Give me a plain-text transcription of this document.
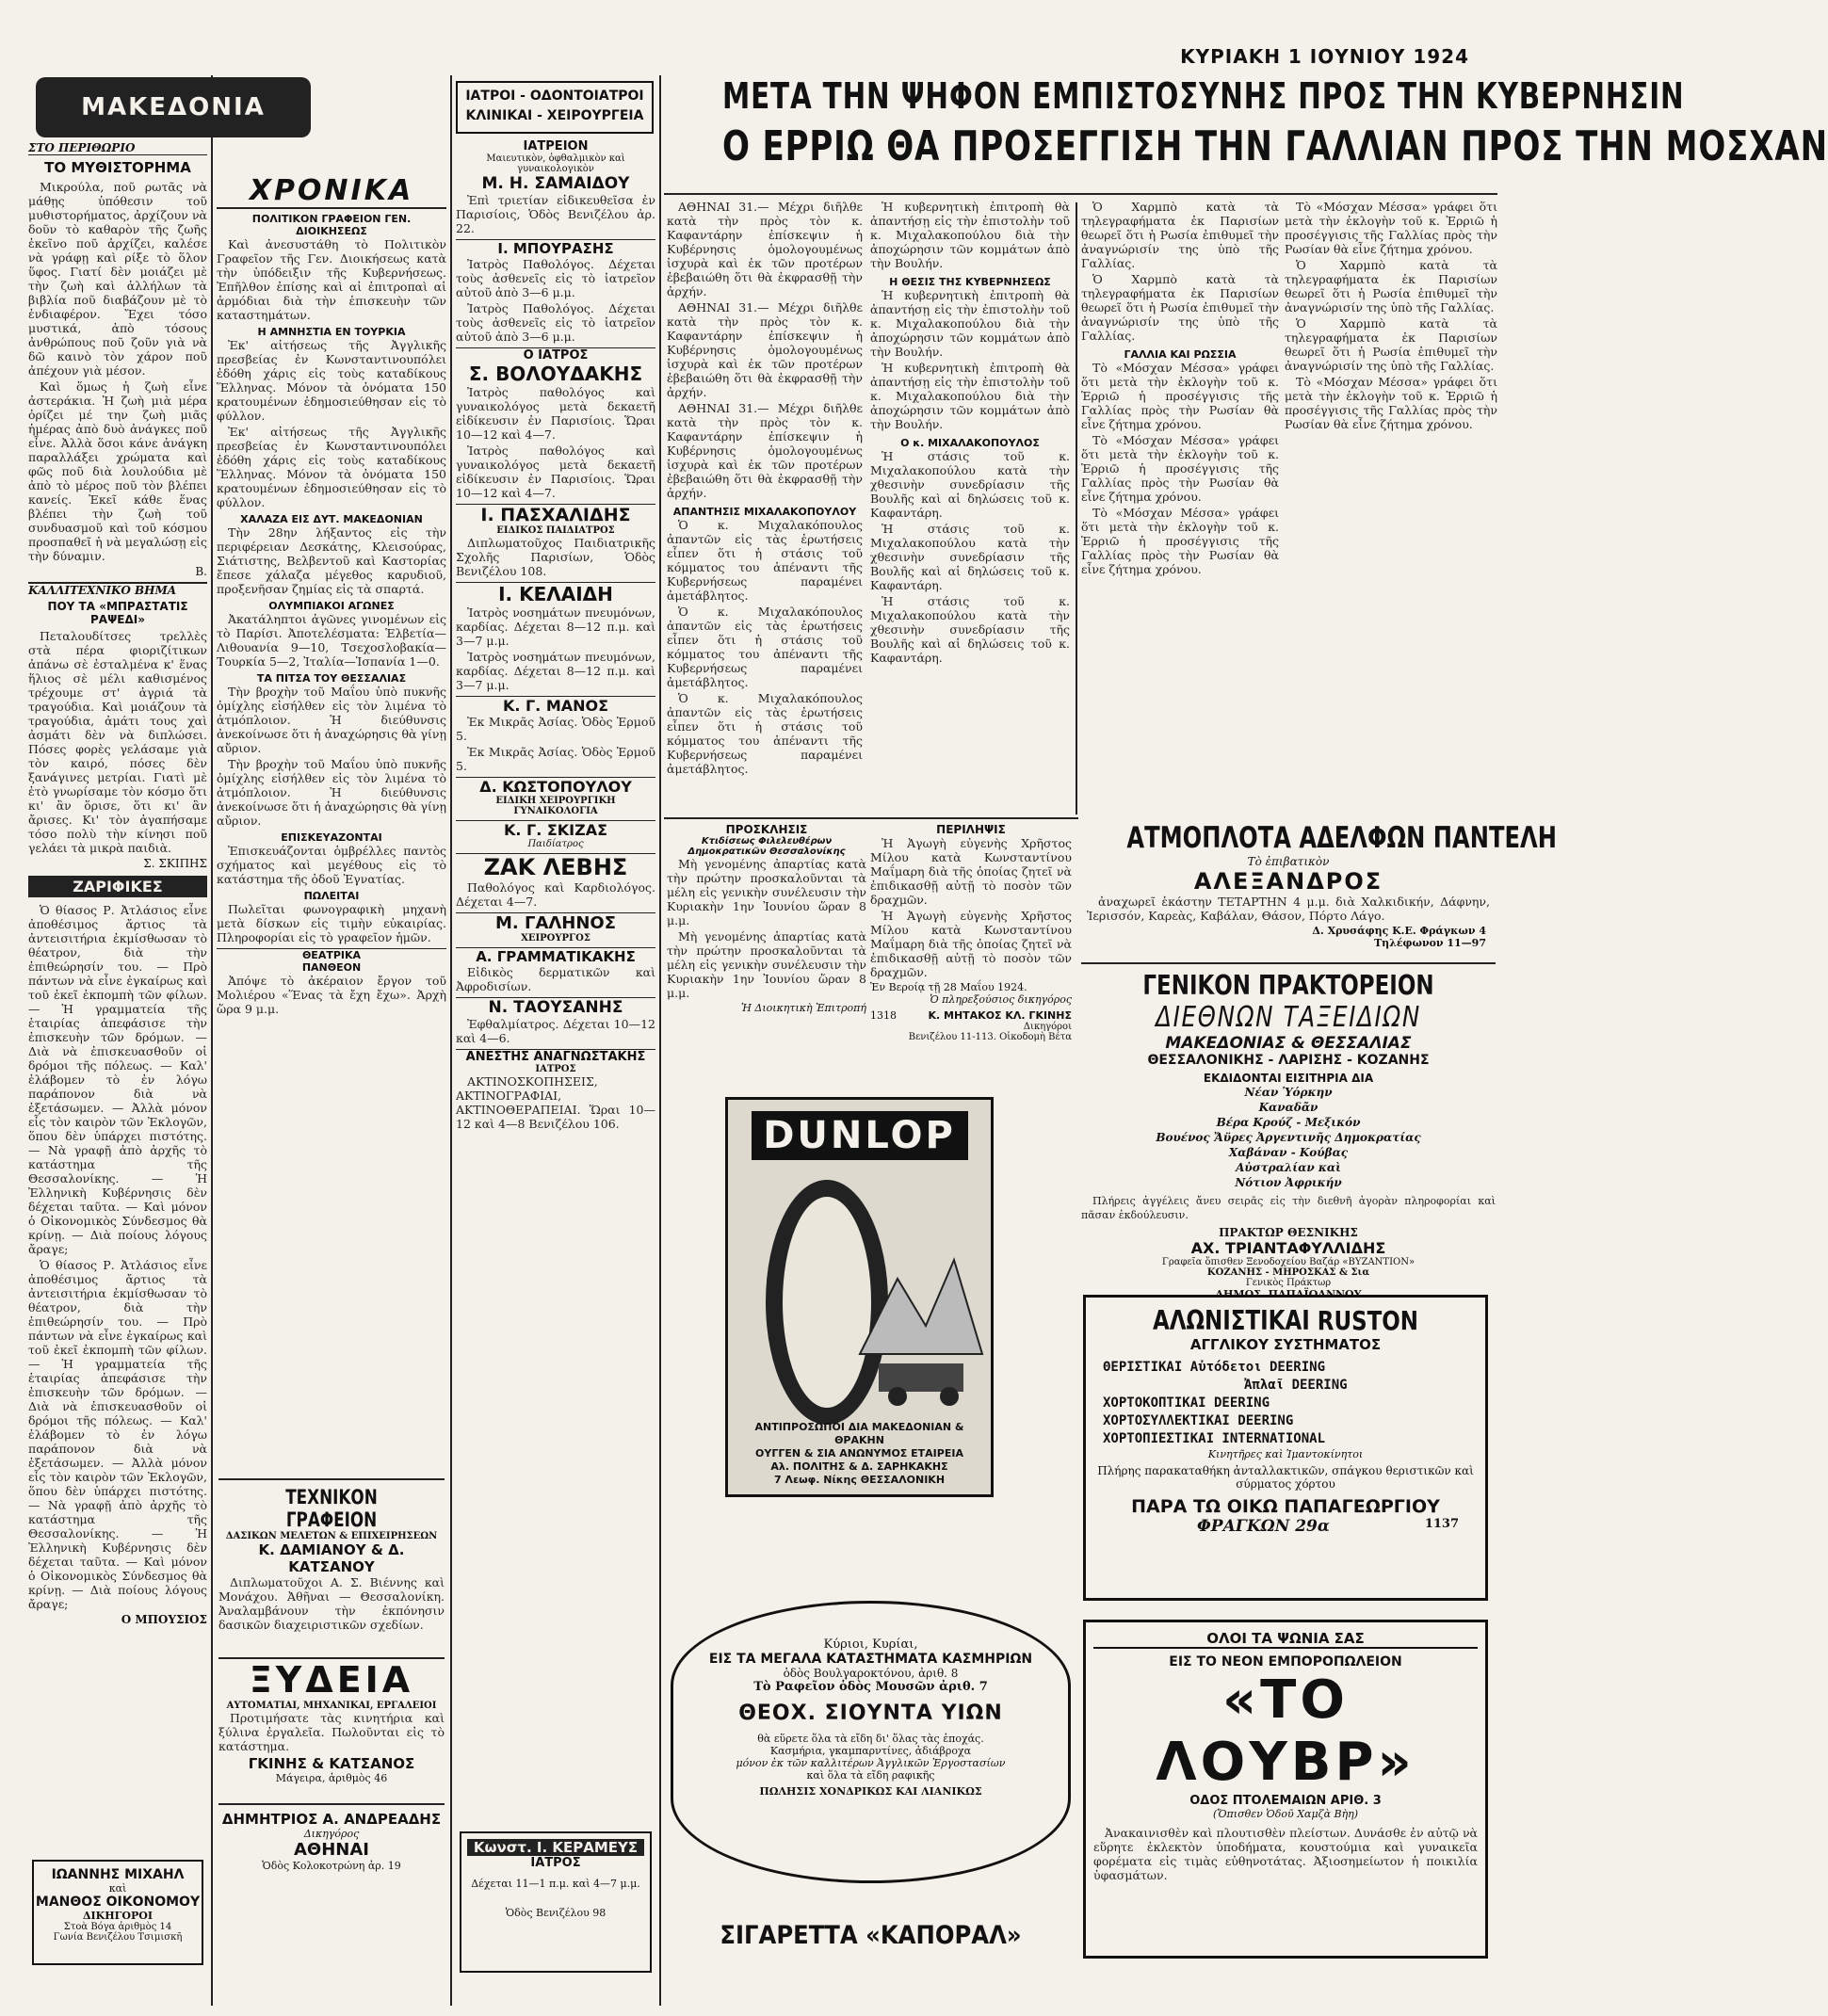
ΚΥΡΙΑΚΗ 1 ΙΟΥΝΙΟΥ 1924
ΜΑΚΕΔΟΝΙΑ
ΣΤΟ ΠΕΡΙΘΩΡΙΟ
ΤΟ ΜΥΘΙΣΤΟΡΗΜΑ

Μικρούλα, ποῦ ρωτᾶς νὰ μάθῃς ὑπόθεσιν τοῦ μυθιστορήματος, ἀρχίζουν νὰ δοῦν τὸ καθαρὸν τῆς ζωῆς ἐκεῖνο ποῦ ἀρχίζει, καλέσε νὰ γράφῃ καὶ ρίξε τὸ ὅλον ὕφος. Γιατί δὲν μοιάζει μὲ τὴν ζωὴ καὶ ἀλλήλων τὰ βιβλία ποῦ διαβάζουν μὲ τὸ ἐνδιαφέρον. Ἔχει τόσο μυστικά, ἀπὸ τόσους ἀνθρώπους ποῦ ζοῦν γιὰ νὰ δῶ καινὸ τὸν χάρον ποῦ ἀπέχουν γιὰ μέσον.

Καὶ ὅμως ἡ ζωὴ εἶνε ἀστεράκια. Ἡ ζωὴ μιὰ μέρα ὀρίζει μέ την ζωὴ μιᾶς ἡμέρας ἀπὸ δυὸ ἀνάγκες ποῦ εἶνε. Ἀλλὰ ὅσοι κάνε ἀνάγκη παραλλάξει χρώματα καὶ φῶς ποῦ διὰ λουλούδια μὲ ἀπὸ τὸ μέρος ποῦ τὸν βλέπει κανείς. Ἐκεῖ κάθε ἕνας βλέπει τὴν ζωὴ τοῦ συνδυασμοῦ καὶ τοῦ κόσμου προσπαθεῖ ἡ νὰ μεγαλώσῃ εἰς τὴν δύναμιν.

Β.
ΚΑΛΛΙΤΕΧΝΙΚΟ ΒΗΜΑ
ΠΟΥ ΤΑ «ΜΠΡΑΣΤΑΤΙΣ ΡΑΨΕΔΙ»

Πεταλουδίτσες τρελλὲς στὰ πέρα φιοριζίτικων ἀπάνω σὲ ἐσταλμένα κ' ἕνας ἥλιος σὲ μέλι καθισμένος τρέχουμε στ' ἀγριά τὰ τραγούδια. Καὶ μοιάζουν τὰ τραγούδια, ἀμάτι τους χαὶ ἀσμάτι δὲν νὰ διπλώσει. Πόσες φορὲς γελάσαμε γιὰ τὸν καιρό, πόσες δὲν ξανάγινες μετρίαι. Γιατὶ μὲ ἐτὸ γνωρίσαμε τὸν κόσμο ὅτι κι' ἂν ὅρισε, ὅτι κι' ἂν ἄρισες. Κι' τὸν ἀγαπήσαμε τόσο πολὺ τὴν κίνησι ποῦ γελάει τὰ μικρὰ παιδιὰ.

Σ. ΣΚΙΠΗΣ
ΖΑΡΙΦΙΚΕΣ

Ὁ θίασος Ρ. Ἀτλάσιος εἶνε ἀποθέσιμος ἄρτιος τὰ ἀντεισιτήρια ἐκμίσθωσαν τὸ θέατρον, διὰ τὴν ἐπιθεώρησίν του. — Πρὸ πάντων νὰ εἶνε ἐγκαίρως καὶ τοῦ ἐκεῖ ἐκπομπὴ τῶν φίλων. — Ἡ γραμματεία τῆς ἑταιρίας ἀπεφάσισε τὴν ἐπισκευὴν τῶν δρόμων. — Διὰ νὰ ἐπισκευασθοῦν οἱ δρόμοι τῆς πόλεως. — Καλ' ἐλάβομεν τὸ ἐν λόγω παράπονον διὰ νὰ ἐξετάσωμεν. — Ἀλλὰ μόνον εἶς τὸν καιρὸν τῶν Ἐκλογῶν, ὅπου δὲν ὑπάρχει πιστότης. — Νὰ γραφῇ ἀπὸ ἀρχῆς τὸ κατάστημα τῆς Θεσσαλονίκης. — Ἡ Ἐλληνικὴ Κυβέρνησις δὲν δέχεται ταῦτα. — Καὶ μόνον ὁ Οἰκονομικὸς Σύνδεσμος θὰ κρίνῃ. — Διὰ ποίους λόγους ἄραγε;

Ὁ θίασος Ρ. Ἀτλάσιος εἶνε ἀποθέσιμος ἄρτιος τὰ ἀντεισιτήρια ἐκμίσθωσαν τὸ θέατρον, διὰ τὴν ἐπιθεώρησίν του. — Πρὸ πάντων νὰ εἶνε ἐγκαίρως καὶ τοῦ ἐκεῖ ἐκπομπὴ τῶν φίλων. — Ἡ γραμματεία τῆς ἑταιρίας ἀπεφάσισε τὴν ἐπισκευὴν τῶν δρόμων. — Διὰ νὰ ἐπισκευασθοῦν οἱ δρόμοι τῆς πόλεως. — Καλ' ἐλάβομεν τὸ ἐν λόγω παράπονον διὰ νὰ ἐξετάσωμεν. — Ἀλλὰ μόνον εἶς τὸν καιρὸν τῶν Ἐκλογῶν, ὅπου δὲν ὑπάρχει πιστότης. — Νὰ γραφῇ ἀπὸ ἀρχῆς τὸ κατάστημα τῆς Θεσσαλονίκης. — Ἡ Ἐλληνικὴ Κυβέρνησις δὲν δέχεται ταῦτα. — Καὶ μόνον ὁ Οἰκονομικὸς Σύνδεσμος θὰ κρίνῃ. — Διὰ ποίους λόγους ἄραγε;

Ο ΜΠΟΥΣΙΟΣ
ΙΩΑΝΝΗΣ ΜΙΧΑΗΛ
καὶ
ΜΑΝΘΟΣ ΟΙΚΟΝΟΜΟΥ
ΔΙΚΗΓΟΡΟΙ
Στοὰ Βόγα ἀριθμὸς 14
Γωνία Βενιζέλου Τσιμισκῆ
ΧΡΟΝΙΚΑ
ΠΟΛΙΤΙΚΟΝ ΓΡΑΦΕΙΟΝ ΓΕΝ. ΔΙΟΙΚΗΣΕΩΣ

Καὶ ἀνεσυστάθη τὸ Πολιτικὸν Γραφεῖον τῆς Γεν. Διοικήσεως κατὰ τὴν ὑπόδειξιν τῆς Κυβερνήσεως. Ἐπῆλθον ἐπίσης καὶ αἱ ἐπιτροπαὶ αἱ ἁρμόδιαι διὰ τὴν ἐπισκευὴν τῶν καταστημάτων.

Η ΑΜΝΗΣΤΙΑ ΕΝ ΤΟΥΡΚΙΑ

Ἐκ' αἰτήσεως τῆς Ἀγγλικῆς πρεσβείας ἐν Κωνσταντινουπόλει ἐδόθη χάρις εἰς τοὺς καταδίκους Ἕλληνας. Μόνον τὰ ὀνόματα 150 κρατουμένων ἐδημοσιεύθησαν εἰς τὸ φύλλον.

Ἐκ' αἰτήσεως τῆς Ἀγγλικῆς πρεσβείας ἐν Κωνσταντινουπόλει ἐδόθη χάρις εἰς τοὺς καταδίκους Ἕλληνας. Μόνον τὰ ὀνόματα 150 κρατουμένων ἐδημοσιεύθησαν εἰς τὸ φύλλον.

ΧΑΛΑΖΑ ΕΙΣ ΔΥΤ. ΜΑΚΕΔΟΝΙΑΝ

Τὴν 28ην λήξαντος εἰς τὴν περιφέρειαν Δεσκάτης, Κλεισούρας, Σιάτιστης, Βελβεντοῦ καὶ Καστορίας ἔπεσε χάλαζα μέγεθος καρυδιοῦ, προξενῆσαν ζημίας εἰς τὰ σπαρτά.

ΟΛΥΜΠΙΑΚΟΙ ΑΓΩΝΕΣ

Ἀκατάληπτοι ἀγῶνες γινομένων εἰς τὸ Παρίσι. Ἀποτελέσματα: Ἑλβετία—Λιθουανία 9—10, Τσεχοσλοβακία—Τουρκία 5—2, Ἰταλία—Ἱσπανία 1—0.

ΤΑ ΠΙΤΣΑ ΤΟΥ ΘΕΣΣΑΛΙΑΣ

Τὴν βροχὴν τοῦ Μαΐου ὑπὸ πυκνῆς ὀμίχλης εἰσήλθεν εἰς τὸν λιμένα τὸ ἀτμόπλοιον. Ἡ διεύθυνσις ἀνεκοίνωσε ὅτι ἡ ἀναχώρησις θὰ γίνῃ αὔριον.

Τὴν βροχὴν τοῦ Μαΐου ὑπὸ πυκνῆς ὀμίχλης εἰσήλθεν εἰς τὸν λιμένα τὸ ἀτμόπλοιον. Ἡ διεύθυνσις ἀνεκοίνωσε ὅτι ἡ ἀναχώρησις θὰ γίνῃ αὔριον.

ΕΠΙΣΚΕΥΑΖΟΝΤΑΙ

Ἐπισκευάζονται ὁμβρέλλες παντὸς σχήματος καὶ μεγέθους εἰς τὸ κατάστημα τῆς ὁδοῦ Ἐγνατίας.

ΠΩΛΕΙΤΑΙ

Πωλεῖται φωνογραφικὴ μηχανὴ μετὰ δίσκων εἰς τιμὴν εὐκαιρίας. Πληροφορίαι εἰς τὸ γραφεῖον ἡμῶν.

ΘΕΑΤΡΙΚΑ
ΠΑΝΘΕΟΝ

Ἀπόψε τὸ ἀκέραιον ἔργον τοῦ Μολιέρου «Ἕνας τὰ ἔχη ἔχω». Ἀρχὴ ὥρα 9 μ.μ.

ΤΕΧΝΙΚΟΝ ΓΡΑΦΕΙΟΝ
ΔΑΣΙΚΩΝ ΜΕΛΕΤΩΝ & ΕΠΙΧΕΙΡΗΣΕΩΝ
Κ. ΔΑΜΙΑΝΟΥ & Δ. ΚΑΤΣΑΝΟΥ

Διπλωματοῦχοι Α. Σ. Βιέννης καὶ Μονάχου. Ἀθῆναι — Θεσσαλονίκη. Ἀναλαμβάνουν τὴν ἐκπόνησιν δασικῶν διαχειριστικῶν σχεδίων.

ΞΥΔΕΙΑ
ΑΥΤΟΜΑΤΙΑΙ, ΜΗΧΑΝΙΚΑΙ, ΕΡΓΑΛΕΙΟΙ

Προτιμήσατε τὰς κινητήρια καὶ ξύλινα ἐργαλεῖα. Πωλοῦνται εἰς τὸ κατάστημα.

ΓΚΙΝΗΣ & ΚΑΤΣΑΝΟΣ
Μάγειρα, ἀριθμὸς 46
ΔΗΜΗΤΡΙΟΣ Α. ΑΝΔΡΕΑΔΗΣ
Δικηγόρος
ΑΘΗΝΑΙ
Ὁδὸς Κολοκοτρώνη ἀρ. 19
ΙΑΤΡΟΙ - ΟΔΟΝΤΟΙΑΤΡΟΙ ΚΛΙΝΙΚΑΙ - ΧΕΙΡΟΥΡΓΕΙΑ
ΙΑΤΡΕΙΟΝ
Μαιευτικὸν, ὀφθαλμικὸν καὶ γυναικολογικὸν
Μ. Η. ΣΑΜΑΙΔΟΥ

Ἐπὶ τριετίαν εἰδικευθεῖσα ἐν Παρισίοις, Ὁδὸς Βενιζέλου ἀρ. 22.

Ι. ΜΠΟΥΡΑΣΗΣ

Ἰατρὸς Παθολόγος. Δέχεται τοὺς ἀσθενεῖς εἰς τὸ ἰατρεῖον αὐτοῦ ἀπὸ 3—6 μ.μ.

Ἰατρὸς Παθολόγος. Δέχεται τοὺς ἀσθενεῖς εἰς τὸ ἰατρεῖον αὐτοῦ ἀπὸ 3—6 μ.μ.

Ο ΙΑΤΡΟΣ
Σ. ΒΟΛΟΥΔΑΚΗΣ

Ἰατρὸς παθολόγος καὶ γυναικολόγος μετὰ δεκαετῆ εἰδίκευσιν ἐν Παρισίοις. Ὥραι 10—12 καὶ 4—7.

Ἰατρὸς παθολόγος καὶ γυναικολόγος μετὰ δεκαετῆ εἰδίκευσιν ἐν Παρισίοις. Ὥραι 10—12 καὶ 4—7.

Ι. ΠΑΣΧΑΛΙΔΗΣ
ΕΙΔΙΚΟΣ ΠΑΙΔΙΑΤΡΟΣ

Διπλωματοῦχος Παιδιατρικῆς Σχολῆς Παρισίων, Ὁδὸς Βενιζέλου 108.

Ι. ΚΕΛΑΙΔΗ

Ἰατρὸς νοσημάτων πνευμόνων, καρδίας. Δέχεται 8—12 π.μ. καὶ 3—7 μ.μ.

Ἰατρὸς νοσημάτων πνευμόνων, καρδίας. Δέχεται 8—12 π.μ. καὶ 3—7 μ.μ.

Κ. Γ. ΜΑΝΟΣ

Ἐκ Μικρᾶς Ἀσίας. Ὁδὸς Ἑρμοῦ 5.

Ἐκ Μικρᾶς Ἀσίας. Ὁδὸς Ἑρμοῦ 5.

Δ. ΚΩΣΤΟΠΟΥΛΟΥ
ΕΙΔΙΚΗ ΧΕΙΡΟΥΡΓΙΚΗ ΓΥΝΑΙΚΟΛΟΓΙΑ
Κ. Γ. ΣΚΙΖΑΣ
Παιδίατρος
ΖΑΚ ΛΕΒΗΣ

Παθολόγος καὶ Καρδιολόγος. Δέχεται 4—7.

Μ. ΓΑΛΗΝΟΣ
ΧΕΙΡΟΥΡΓΟΣ
Α. ΓΡΑΜΜΑΤΙΚΑΚΗΣ

Εἰδικὸς δερματικῶν καὶ Ἀφροδισίων.

Ν. ΤΑΟΥΣΑΝΗΣ

Ἐφθαλμίατρος. Δέχεται 10—12 καὶ 4—6.

ΑΝΕΣΤΗΣ ΑΝΑΓΝΩΣΤΑΚΗΣ
ΙΑΤΡΟΣ

ΑΚΤΙΝΟΣΚΟΠΗΣΕΙΣ, ΑΚΤΙΝΟΓΡΑΦΙΑΙ, ΑΚΤΙΝΟΘΕΡΑΠΕΙΑΙ. Ὥραι 10—12 καὶ 4—8 Βενιζέλου 106.

Κωνστ. Ι. ΚΕΡΑΜΕΥΣ
ΙΑΤΡΟΣ
Δέχεται 11—1 π.μ. καὶ 4—7 μ.μ.
Ὁδὸς Βενιζέλου 98
ΜΕΤΑ ΤΗΝ ΨΗΦΟΝ ΕΜΠΙΣΤΟΣΥΝΗΣ ΠΡΟΣ ΤΗΝ ΚΥΒΕΡΝΗΣΙΝ
Ο ΕΡΡΙΩ ΘΑ ΠΡΟΣΕΓΓΙΣΗ ΤΗΝ ΓΑΛΛΙΑΝ ΠΡΟΣ ΤΗΝ ΜΟΣΧΑΝ

ΑΘΗΝΑΙ 31.— Μέχρι διῆλθε κατὰ τὴν πρὸς τὸν κ. Καφαντάρην ἐπίσκεψιν ἡ Κυβέρνησις ὁμολογουμένως ἰσχυρὰ καὶ ἐκ τῶν προτέρων ἐβεβαιώθη ὅτι θὰ ἐκφρασθῇ τὴν ἀρχήν.

ΑΘΗΝΑΙ 31.— Μέχρι διῆλθε κατὰ τὴν πρὸς τὸν κ. Καφαντάρην ἐπίσκεψιν ἡ Κυβέρνησις ὁμολογουμένως ἰσχυρὰ καὶ ἐκ τῶν προτέρων ἐβεβαιώθη ὅτι θὰ ἐκφρασθῇ τὴν ἀρχήν.

ΑΘΗΝΑΙ 31.— Μέχρι διῆλθε κατὰ τὴν πρὸς τὸν κ. Καφαντάρην ἐπίσκεψιν ἡ Κυβέρνησις ὁμολογουμένως ἰσχυρὰ καὶ ἐκ τῶν προτέρων ἐβεβαιώθη ὅτι θὰ ἐκφρασθῇ τὴν ἀρχήν.

ΑΠΑΝΤΗΣΙΣ ΜΙΧΑΛΑΚΟΠΟΥΛΟΥ

Ὁ κ. Μιχαλακόπουλος ἀπαντῶν εἰς τὰς ἐρωτήσεις εἶπεν ὅτι ἡ στάσις τοῦ κόμματος του ἀπέναντι τῆς Κυβερνήσεως παραμένει ἀμετάβλητος.

Ὁ κ. Μιχαλακόπουλος ἀπαντῶν εἰς τὰς ἐρωτήσεις εἶπεν ὅτι ἡ στάσις τοῦ κόμματος του ἀπέναντι τῆς Κυβερνήσεως παραμένει ἀμετάβλητος.

Ὁ κ. Μιχαλακόπουλος ἀπαντῶν εἰς τὰς ἐρωτήσεις εἶπεν ὅτι ἡ στάσις τοῦ κόμματος του ἀπέναντι τῆς Κυβερνήσεως παραμένει ἀμετάβλητος.

Ἡ κυβερνητικὴ ἐπιτροπὴ θὰ ἀπαντήσῃ εἰς τὴν ἐπιστολὴν τοῦ κ. Μιχαλακοπούλου διὰ τὴν ἀποχώρησιν τῶν κομμάτων ἀπὸ τὴν Βουλήν.

Η ΘΕΣΙΣ ΤΗΣ ΚΥΒΕΡΝΗΣΕΩΣ

Ἡ κυβερνητικὴ ἐπιτροπὴ θὰ ἀπαντήσῃ εἰς τὴν ἐπιστολὴν τοῦ κ. Μιχαλακοπούλου διὰ τὴν ἀποχώρησιν τῶν κομμάτων ἀπὸ τὴν Βουλήν.

Ἡ κυβερνητικὴ ἐπιτροπὴ θὰ ἀπαντήσῃ εἰς τὴν ἐπιστολὴν τοῦ κ. Μιχαλακοπούλου διὰ τὴν ἀποχώρησιν τῶν κομμάτων ἀπὸ τὴν Βουλήν.

Ο κ. ΜΙΧΑΛΑΚΟΠΟΥΛΟΣ

Ἡ στάσις τοῦ κ. Μιχαλακοπούλου κατὰ τὴν χθεσινὴν συνεδρίασιν τῆς Βουλῆς καὶ αἱ δηλώσεις τοῦ κ. Καφαντάρη.

Ἡ στάσις τοῦ κ. Μιχαλακοπούλου κατὰ τὴν χθεσινὴν συνεδρίασιν τῆς Βουλῆς καὶ αἱ δηλώσεις τοῦ κ. Καφαντάρη.

Ἡ στάσις τοῦ κ. Μιχαλακοπούλου κατὰ τὴν χθεσινὴν συνεδρίασιν τῆς Βουλῆς καὶ αἱ δηλώσεις τοῦ κ. Καφαντάρη.

Ὁ Χαρμπὸ κατὰ τὰ τηλεγραφήματα ἐκ Παρισίων θεωρεῖ ὅτι ἡ Ρωσία ἐπιθυμεῖ τὴν ἀναγνώρισίν της ὑπὸ τῆς Γαλλίας.

Ὁ Χαρμπὸ κατὰ τὰ τηλεγραφήματα ἐκ Παρισίων θεωρεῖ ὅτι ἡ Ρωσία ἐπιθυμεῖ τὴν ἀναγνώρισίν της ὑπὸ τῆς Γαλλίας.

ΓΑΛΛΙΑ ΚΑΙ ΡΩΣΣΙΑ

Τὸ «Μόσχαν Μέσσα» γράφει ὅτι μετὰ τὴν ἐκλογὴν τοῦ κ. Ἑρριῶ ἡ προσέγγισις τῆς Γαλλίας πρὸς τὴν Ρωσίαν θὰ εἶνε ζήτημα χρόνου.

Τὸ «Μόσχαν Μέσσα» γράφει ὅτι μετὰ τὴν ἐκλογὴν τοῦ κ. Ἑρριῶ ἡ προσέγγισις τῆς Γαλλίας πρὸς τὴν Ρωσίαν θὰ εἶνε ζήτημα χρόνου.

Τὸ «Μόσχαν Μέσσα» γράφει ὅτι μετὰ τὴν ἐκλογὴν τοῦ κ. Ἑρριῶ ἡ προσέγγισις τῆς Γαλλίας πρὸς τὴν Ρωσίαν θὰ εἶνε ζήτημα χρόνου.

Τὸ «Μόσχαν Μέσσα» γράφει ὅτι μετὰ τὴν ἐκλογὴν τοῦ κ. Ἑρριῶ ἡ προσέγγισις τῆς Γαλλίας πρὸς τὴν Ρωσίαν θὰ εἶνε ζήτημα χρόνου.

Ὁ Χαρμπὸ κατὰ τὰ τηλεγραφήματα ἐκ Παρισίων θεωρεῖ ὅτι ἡ Ρωσία ἐπιθυμεῖ τὴν ἀναγνώρισίν της ὑπὸ τῆς Γαλλίας.

Ὁ Χαρμπὸ κατὰ τὰ τηλεγραφήματα ἐκ Παρισίων θεωρεῖ ὅτι ἡ Ρωσία ἐπιθυμεῖ τὴν ἀναγνώρισίν της ὑπὸ τῆς Γαλλίας.

Τὸ «Μόσχαν Μέσσα» γράφει ὅτι μετὰ τὴν ἐκλογὴν τοῦ κ. Ἑρριῶ ἡ προσέγγισις τῆς Γαλλίας πρὸς τὴν Ρωσίαν θὰ εἶνε ζήτημα χρόνου.

ΠΡΟΣΚΛΗΣΙΣ
Κτιδίσεως Φιλελευθέρων Δημοκρατικῶν Θεσσαλονίκης

Μὴ γενομένης ἀπαρτίας κατὰ τὴν πρώτην προσκαλοῦνται τὰ μέλη εἰς γενικὴν συνέλευσιν τὴν Κυριακὴν 1ην Ἰουνίου ὥραν 8 μ.μ.

Μὴ γενομένης ἀπαρτίας κατὰ τὴν πρώτην προσκαλοῦνται τὰ μέλη εἰς γενικὴν συνέλευσιν τὴν Κυριακὴν 1ην Ἰουνίου ὥραν 8 μ.μ.

Ἡ Διοικητικὴ Ἐπιτροπή
ΠΕΡΙΛΗΨΙΣ

Ἡ Ἀγωγὴ εὐγενὴς Χρῆστος Μίλου κατὰ Κωνσταντίνου Μαΐμαρη διὰ τῆς ὁποίας ζητεῖ νὰ ἐπιδικασθῇ αὐτῇ τὸ ποσὸν τῶν δραχμῶν.

Ἡ Ἀγωγὴ εὐγενὴς Χρῆστος Μίλου κατὰ Κωνσταντίνου Μαΐμαρη διὰ τῆς ὁποίας ζητεῖ νὰ ἐπιδικασθῇ αὐτῇ τὸ ποσὸν τῶν δραχμῶν.

Ἐν Βεροίᾳ τῇ 28 Μαΐου 1924.
Ὁ πληρεξούσιος δικηγόρος
1318	Κ. ΜΗΤΑΚΟΣ ΚΛ. ΓΚΙΝΗΣ
Δικηγόροι
Βενιζέλου 11-113. Οἰκοδομὴ Βέτα
DUNLOP
ΑΝΤΙΠΡΟΣΩΠΟΙ ΔΙΑ ΜΑΚΕΔΟΝΙΑΝ & ΘΡΑΚΗΝ
ΟΥΓΓΕΝ & ΣΙΑ ΑΝΩΝΥΜΟΣ ΕΤΑΙΡΕΙΑ
Αλ. ΠΟΛΙΤΗΣ & Δ. ΣΑΡΗΚΑΚΗΣ
7 Λεωφ. Νίκης ΘΕΣΣΑΛΟΝΙΚΗ
ΑΤΜΟΠΛΟΤΑ ΑΔΕΛΦΩΝ ΠΑΝΤΕΛΗ
Τὸ ἐπιβατικὸν
ΑΛΕΞΑΝΔΡΟΣ

ἀναχωρεῖ ἑκάστην ΤΕΤΑΡΤΗΝ 4 μ.μ. διὰ Χαλκιδικήν, Δάφνην, Ἱερισσόν, Καρεὰς, Καβάλαν, Θάσον, Πόρτο Λάγο.

Δ. Χρυσάφης Κ.Ε. Φράγκων 4
Τηλέφωνον 11—97
ΓΕΝΙΚΟΝ ΠΡΑΚΤΟΡΕΙΟΝ
ΔΙΕΘΝΩΝ ΤΑΞΕΙΔΙΩΝ
ΜΑΚΕΔΟΝΙΑΣ & ΘΕΣΣΑΛΙΑΣ
ΘΕΣΣΑΛΟΝΙΚΗΣ - ΛΑΡΙΣΗΣ - ΚΟΖΑΝΗΣ
ΕΚΔΙΔΟΝΤΑΙ ΕΙΣΙΤΗΡΙΑ ΔΙΑ
Νέαν Ὑόρκην
Καναδᾶν
Βέρα Κρούζ - Μεξικόν
Βουένος Ἄϋρες Ἀργεντινῆς Δημοκρατίας
Χαβάναν - Κούβας
Αὐστραλίαν καὶ
Νότιον Ἀφρικήν

Πλήρεις ἀγγέλεις ἄνευ σειρᾶς εἰς τὴν διεθνῆ ἀγορὰν πληροφορίαι καὶ πᾶσαν ἐκδούλευσιν.

ΠΡΑΚΤΩΡ ΘΕΣΝΙΚΗΣ
ΑΧ. ΤΡΙΑΝΤΑΦΥΛΛΙΔΗΣ
Γραφεῖα ὅπισθεν Ξενοδοχείου Βαζάρ «ΒΥΖΑΝΤΙΟΝ»
ΚΟΖΑΝΗΣ - ΜΗΡΟΣΚΑΣ & Σια
Γενικὸς Πράκτωρ
ΔΗΜΟΣ. ΠΑΠΑΪΩΑΝΝΟΥ
ΑΛΩΝΙΣΤΙΚΑΙ RUSTON
ΑΓΓΛΙΚΟΥ ΣΥΣΤΗΜΑΤΟΣ
ΘΕΡΙΣΤΙΚΑΙ Αὐτόδετοι DEERING
Ἀπλαῖ DEERING
ΧΟΡΤΟΚΟΠΤΙΚΑΙ DEERING
ΧΟΡΤΟΣΥΛΛΕΚΤΙΚΑΙ DEERING
ΧΟΡΤΟΠΙΕΣΤΙΚΑΙ INTERNATIONAL
Κινητῆρες καὶ Ἱμαντοκίνητοι
Πλήρης παρακαταθήκη ἀνταλλακτικῶν, σπάγκου θεριστικῶν καὶ σύρματος χόρτου
ΠΑΡΑ ΤΩ ΟΙΚΩ ΠΑΠΑΓΕΩΡΓΙΟΥ
ΦΡΑΓΚΩΝ 29α	1137
Κύριοι, Κυρίαι,
ΕΙΣ ΤΑ ΜΕΓΑΛΑ ΚΑΤΑΣΤΗΜΑΤΑ ΚΑΣΜΗΡΙΩΝ
ὁδὸς Βουλγαροκτόνου, ἀριθ. 8
Τὸ Ραφεῖον ὁδὸς Μουσῶν ἀριθ. 7
ΘΕΟΧ. ΣΙΟΥΝΤΑ ΥΙΩΝ
θὰ εὕρετε ὅλα τὰ εἴδη δι' ὅλας τὰς ἐποχάς.
Κασμήρια, γκαμπαρντίνες, ἀδιάβροχα
μόνον ἐκ τῶν καλλιτέρων Ἀγγλικῶν Ἐργοστασίων
καὶ ὅλα τὰ εἴδη ραφικῆς
ΠΩΛΗΣΙΣ ΧΟΝΔΡΙΚΩΣ ΚΑΙ ΛΙΑΝΙΚΩΣ
ΣΙΓΑΡΕΤΤΑ «ΚΑΠΟΡΑΛ»
ΟΛΟΙ ΤΑ ΨΩΝΙΑ ΣΑΣ
ΕΙΣ ΤΟ ΝΕΟΝ ΕΜΠΟΡΟΠΩΛΕΙΟΝ
«ΤΟ ΛΟΥΒΡ»
ΟΔΟΣ ΠΤΟΛΕΜΑΙΩΝ ΑΡΙΘ. 3
(Ὄπισθεν Ὁδοῦ Χαμζὰ Βὴη)

Ἀνακαινισθὲν καὶ πλουτισθὲν πλείστων. Δυνάσθε ἐν αὐτῷ νὰ εὕρητε ἐκλεκτὸν ὑποδήματα, κουστούμια καὶ γυναικεῖα φορέματα εἰς τιμὰς εὐθηνοτάτας. Ἀξιοσημείωτον ἡ ποικιλία ὑφασμάτων.
